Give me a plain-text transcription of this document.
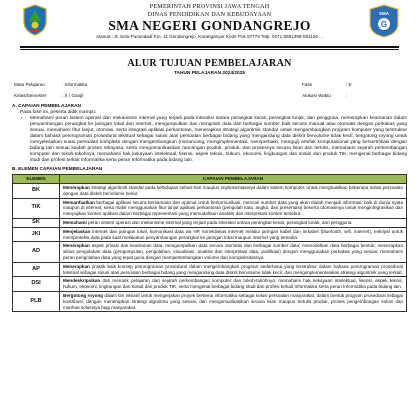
PEMERINTAH PROVINSI JAWA TENGAH
DINAS PENDIDIKAN DAN KEBUDAYAAN
SMA NEGERI GONDANGREJO
Alamat : Jl. Solo-Purwodadi Km. 11 Gondangrejo, Karanganyar Kode Pos 57773 Telp. 0271 8591398-081126 ...
SMA
G
ALUR TUJUAN PEMBELAJARAN
TAHUN PELAJARAN 2024/2025
Mata Pelajaran	: Informatika	Fase	: E
Kelas/Semester	: X / Ganjil	Alokasi Waktu	:
A. CAPAIAN PEMBELAJARAN
Pada fase ini, peserta didik mampu:
• Memahami peran sistem operasi dan mekanisme internal yang terjadi pada interaksi antara perangkat keras, perangkat lunak, dan pengguna, menerapkan keamanan dalam penyambungan perangkat ke jaringan lokal dan internet, mengumpulkan dan mengolah data dari berbagai sumber baik secara manual atau otomatis dengan perkakas yang sesuai, memahami fitur lanjut, otomasi, serta integrasi aplikasi perkantoran, menerapkan strategi algoritmik standar untuk mengembangkan program komputer yang terstruktur dalam bahasa pemrograman prosedural tekstual sebagai solusi atas persoalan berbagai bidang yang mengandung data diskrit bervolume tidak kecil, bergotong royong untuk menyelesaikan suatu persoalan kompleks dengan mengembangkan (merancang, mengimplementasi, memperbaiki, menguji) artefak komputasional yang bersertifikasi dengan bidang lain sesuai kaidah proses rekayasa, serta mengomunikasikan rancangan produk, produk, dan prosesnya secara lisan dan tertulis, memahami sejarah perkembangan komputer dan tokoh-tokohnya, memahami hak kekayaan intelektual, lisensi, aspek teknis, hukum, ekonomi, lingkungan dan sosial dari produk TIK, mengenal berbagai bidang studi dan profesi terkait Informatika serta peran Informatika pada bidang lain.
B. ELEMEN CAPAIAN PEMBELAJARAN
ELEMEN	CAPAIAN PEMBELAJARAN
BK	Menerapkan strategi algoritmik standar pada kehidupan sehari-hari maupun implementasinya dalam sistem komputer, untuk menghasilkan beberapa solusi persoalan dengan data diskrit bervolume besar.
TIK	Memanfaatkan berbagai aplikasi secara bersamaan dan optimal untuk berkomunikasi, mencari sumber data yang akan diolah menjadi informasi, baik di dunia nyata maupun di internet, serta mahir menggunakan fitur lanjut aplikasi perkantoran (pengolah kata, angka, dan presentasi) beserta otomasinya untuk mengintegrasikan dan menyajikan konten aplikasi dalam berbagai representasi yang memudahkan analisis dan interpretasi konten tersebut.
SK	Memahami peran sistem operasi dan mekanisme internal yang terjadi pada interaksi antara perangkat keras, perangkat lunak, dan pengguna.
JKI	Menjelaskan internet dan jaringan lokal, komunikasi data via HP, konektivitas internet melalui jaringan kabel dan nirkabel (bluetooth, wifi, internet), enkripsi untuk memproteksi data pada saat melakukan penyambungan perangkat ke jaringan lokal maupun internet yang tersedia.
AD	Menerapkan aspek privasi dan keamanan data, mengumpulkan data secara otomatis dari berbagai sumber data; memodelkan data berbagai bentuk; menerapkan siklus pengolahan data (pengumpulan, pengolahan, visualisasi, analisis dan interpretasi data, publikasi) dengan menggunakan perkakas yang sesuai; memahami peran pengolahan data yang tepat guna dengan mempertimbangkan volume dan kompleksitasnya.
AP	Menerapkan praktik baik konsep pemrograman prosedural dalam mengembangkan program sederhana yang terstruktur dalam bahasa pemrograman prosedural tekstual sebagai solusi atas persoalan berbagai bidang yang mengandung data diskrit bervolume tidak kecil, dan mengimplementasikan strategi algoritmik yang terkait.
DSI	Mendeskripsikan dan menarik pelajaran dari sejarah perkembangan komputer dan tokoh-tokohnya, memahami hak kekayaan intelektual, lisensi, aspek teknis, hukum, ekonomi, lingkungan dan sosial dari produk TIK, serta mengenal berbagai bidang studi dan profesi terkait Informatika serta peran Informatika pada bidang lain.
PLB	Bergotong royong dalam tim inklusif untuk mengerjakan proyek bertema informatika sebagai solusi persoalan masyarakat, dalam bentuk program prosedural sebagai kontribusi, dengan menerapkan strategi algoritma yang sesuai, dan mengomunikasikan secara lisan maupun tertulis produk, proses pengembangan solusi dan manfaat solusinya bagi masyarakat.
